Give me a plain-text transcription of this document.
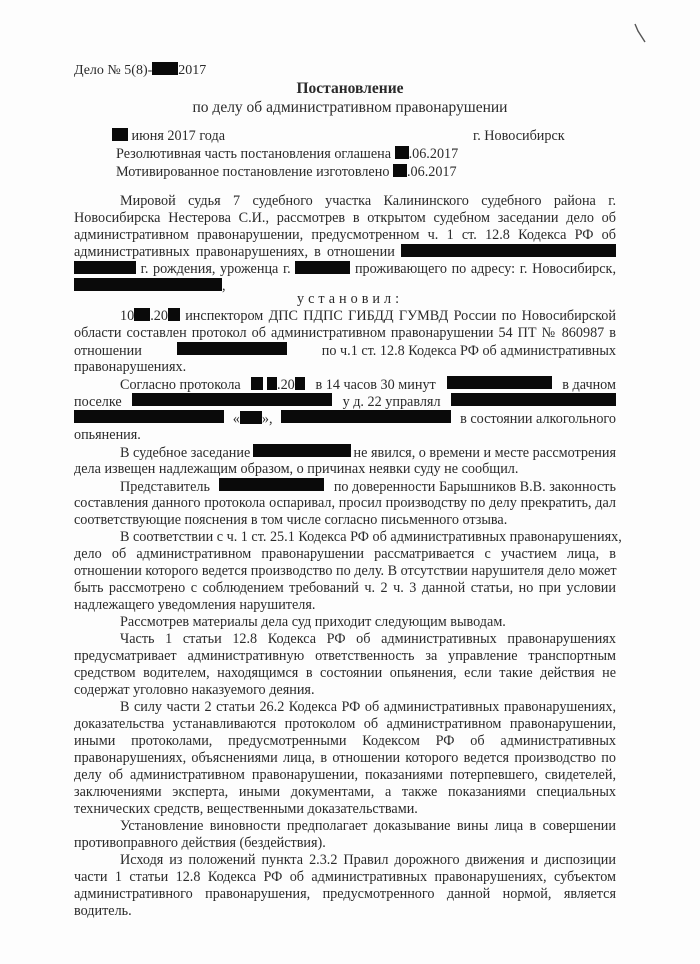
Дело № 5(8)- 2017
Постановление
по делу об административном правонарушении
июня 2017 года	г. Новосибирск
Резолютивная часть постановления оглашена .06.2017
Мотивированное постановление изготовлено .06.2017
Мировой судья 7 судебного участка Калининского судебного района г.
Новосибирска Нестерова С.И., рассмотрев в открытом судебном заседании дело об
административном правонарушении, предусмотренном ч. 1 ст. 12.8 Кодекса РФ об
административных правонарушениях, в отношении
г. рождения, уроженца г.	проживающего по адресу: г. Новосибирск,
,
установил:
10 .20 инспектором ДПС ПДПС ГИБДД ГУМВД России по Новосибирской
области составлен протокол об административном правонарушении 54 ПТ № 860987 в
отношении	по ч.1 ст. 12.8 Кодекса РФ об административных
правонарушениях.
Согласно протокола	.20	в 14 часов 30 минут	в дачном
поселке	у д. 22 управлял
« »,	в состоянии алкогольного
опьянения.
В судебное заседание	не явился, о времени и месте рассмотрения
дела извещен надлежащим образом, о причинах неявки суду не сообщил.
Представитель	по доверенности Барышников В.В. законность
составления данного протокола оспаривал, просил производству по делу прекратить, дал
соответствующие пояснения в том числе согласно письменного отзыва.
В соответствии с ч. 1 ст. 25.1 Кодекса РФ об административных правонарушениях,
дело об административном правонарушении рассматривается с участием лица, в
отношении которого ведется производство по делу. В отсутствии нарушителя дело может
быть рассмотрено с соблюдением требований ч. 2 ч. 3 данной статьи, но при условии
надлежащего уведомления нарушителя.
Рассмотрев материалы дела суд приходит следующим выводам.
Часть 1 статьи 12.8 Кодекса РФ об административных правонарушениях
предусматривает административную ответственность за управление транспортным
средством водителем, находящимся в состоянии опьянения, если такие действия не
содержат уголовно наказуемого деяния.
В силу части 2 статьи 26.2 Кодекса РФ об административных правонарушениях,
доказательства устанавливаются протоколом об административном правонарушении,
иными протоколами, предусмотренными Кодексом РФ об административных
правонарушениях, объяснениями лица, в отношении которого ведется производство по
делу об административном правонарушении, показаниями потерпевшего, свидетелей,
заключениями эксперта, иными документами, а также показаниями специальных
технических средств, вещественными доказательствами.
Установление виновности предполагает доказывание вины лица в совершении
противоправного действия (бездействия).
Исходя из положений пункта 2.3.2 Правил дорожного движения и диспозиции
части 1 статьи 12.8 Кодекса РФ об административных правонарушениях, субъектом
административного правонарушения, предусмотренного данной нормой, является
водитель.
